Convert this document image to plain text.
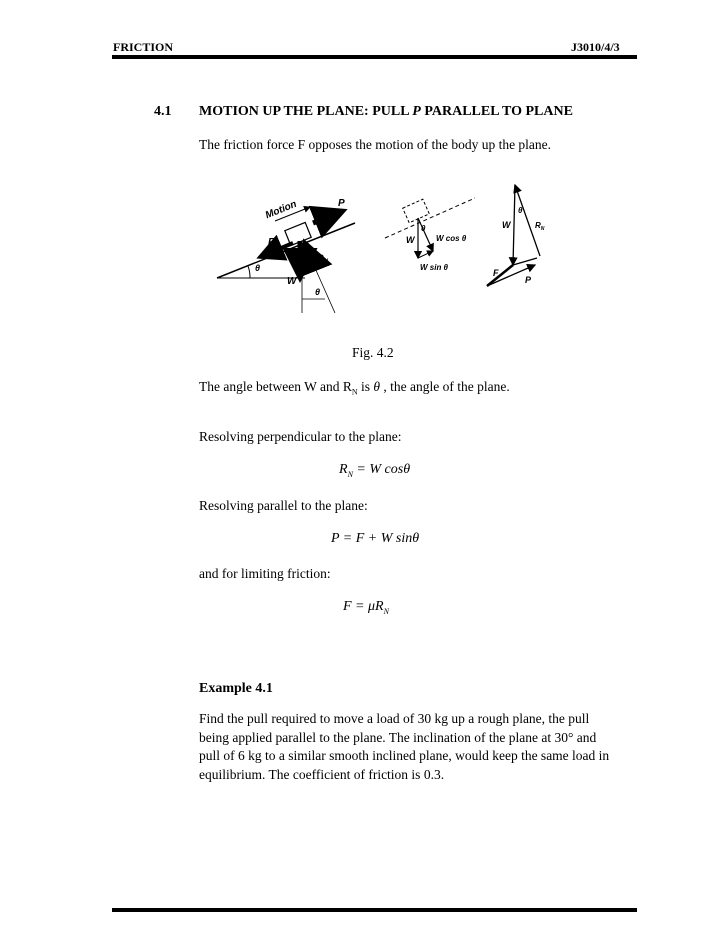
FRICTION	J3010/4/3
4.1 MOTION UP THE PLANE: PULL P PARALLEL TO PLANE
The friction force F opposes the motion of the body up the plane.
Motion	P
F
W
θ
θ
$R_N$
W
θ
W cos θ
W sin θ
W
θ
$R_N$
F
P
Fig. 4.2
The angle between W and $R_N$ is θ , the angle of the plane.
Resolving perpendicular to the plane:
$R_N = W$ cosθ
Resolving parallel to the plane:
P = F + W sinθ
and for limiting friction:
$F = \mu R_N$
Example 4.1
Find the pull required to move a load of 30 kg up a rough plane, the pull
being applied parallel to the plane. The inclination of the plane at 30° and
pull of 6 kg to a similar smooth inclined plane, would keep the same load in
equilibrium. The coefficient of friction is 0.3.
